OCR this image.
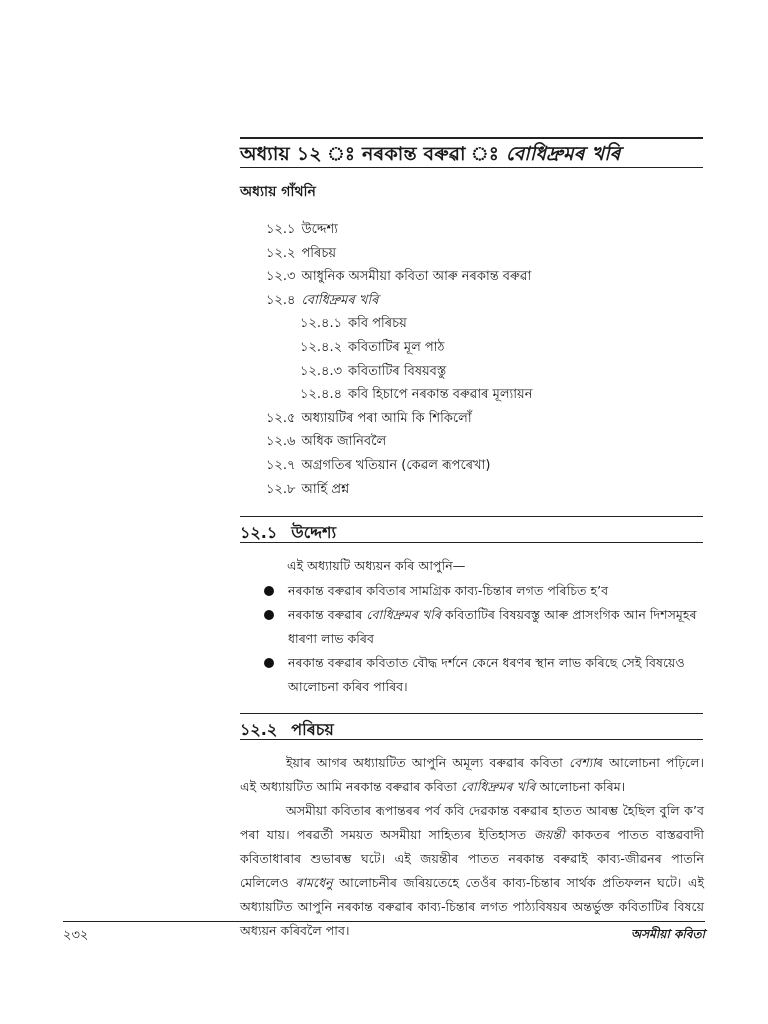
অধ্যায় ১২ ঃ নৰকান্ত বৰুৱা ঃ বোধিদ্ৰুমৰ খৰি
অধ্যায় গাঁথনি
১২.১ উদ্দেশ্য
১২.২ পৰিচয়
১২.৩ আধুনিক অসমীয়া কবিতা আৰু নৰকান্ত বৰুৱা
১২.৪ বোধিদ্ৰুমৰ খৰি
১২.৪.১ কবি পৰিচয়
১২.৪.২ কবিতাটিৰ মূল পাঠ
১২.৪.৩ কবিতাটিৰ বিষয়বস্তু
১২.৪.৪ কবি হিচাপে নৰকান্ত বৰুৱাৰ মূল্যায়ন
১২.৫ অধ্যায়টিৰ পৰা আমি কি শিকিলোঁ
১২.৬ অধিক জানিবলৈ
১২.৭ অগ্ৰগতিৰ খতিয়ান (কেৱল ৰূপৰেখা)
১২.৮ আৰ্হি প্ৰশ্ন
১২.১ উদ্দেশ্য
এই অধ্যায়টি অধ্যয়ন কৰি আপুনি—
নৰকান্ত বৰুৱাৰ কবিতাৰ সামগ্ৰিক কাব্য-চিন্তাৰ লগত পৰিচিত হ’ব
নৰকান্ত বৰুৱাৰ বোধিদ্ৰুমৰ খৰি কবিতাটিৰ বিষয়বস্তু আৰু প্ৰাসংগিক আন দিশসমূহৰ ধাৰণা লাভ কৰিব
নৰকান্ত বৰুৱাৰ কবিতাত বৌদ্ধ দৰ্শনে কেনে ধৰণৰ স্থান লাভ কৰিছে সেই বিষয়েও আলোচনা কৰিব পাৰিব।
১২.২ পৰিচয়
ইয়াৰ আগৰ অধ্যায়টিত আপুনি অমূল্য বৰুৱাৰ কবিতা বেশ্যাৰ আলোচনা পঢ়িলে। এই অধ্যায়টিত আমি নৰকান্ত বৰুৱাৰ কবিতা বোধিদ্ৰুমৰ খৰি আলোচনা কৰিম।
অসমীয়া কবিতাৰ ৰূপান্তৰৰ পৰ্ব কবি দেৱকান্ত বৰুৱাৰ হাতত আৰম্ভ হৈছিল বুলি ক’ব পৰা যায়। পৰৱৰ্তী সময়ত অসমীয়া সাহিত্যৰ ইতিহাসত জয়ন্তী কাকতৰ পাতত বাস্তৱবাদী কবিতাধাৰাৰ শুভাৰম্ভ ঘটে। এই জয়ন্তীৰ পাতত নৰকান্ত বৰুৱাই কাব্য-জীৱনৰ পাতনি মেলিলেও ৰামধেনু আলোচনীৰ জৰিয়তেহে তেওঁৰ কাব্য-চিন্তাৰ সাৰ্থক প্ৰতিফলন ঘটে। এই অধ্যায়টিত আপুনি নৰকান্ত বৰুৱাৰ কাব্য-চিন্তাৰ লগত পাঠ্যবিষয়ৰ অন্তৰ্ভুক্ত কবিতাটিৰ বিষয়ে অধ্যয়ন কৰিবলৈ পাব।
২৩২	অসমীয়া কবিতা
